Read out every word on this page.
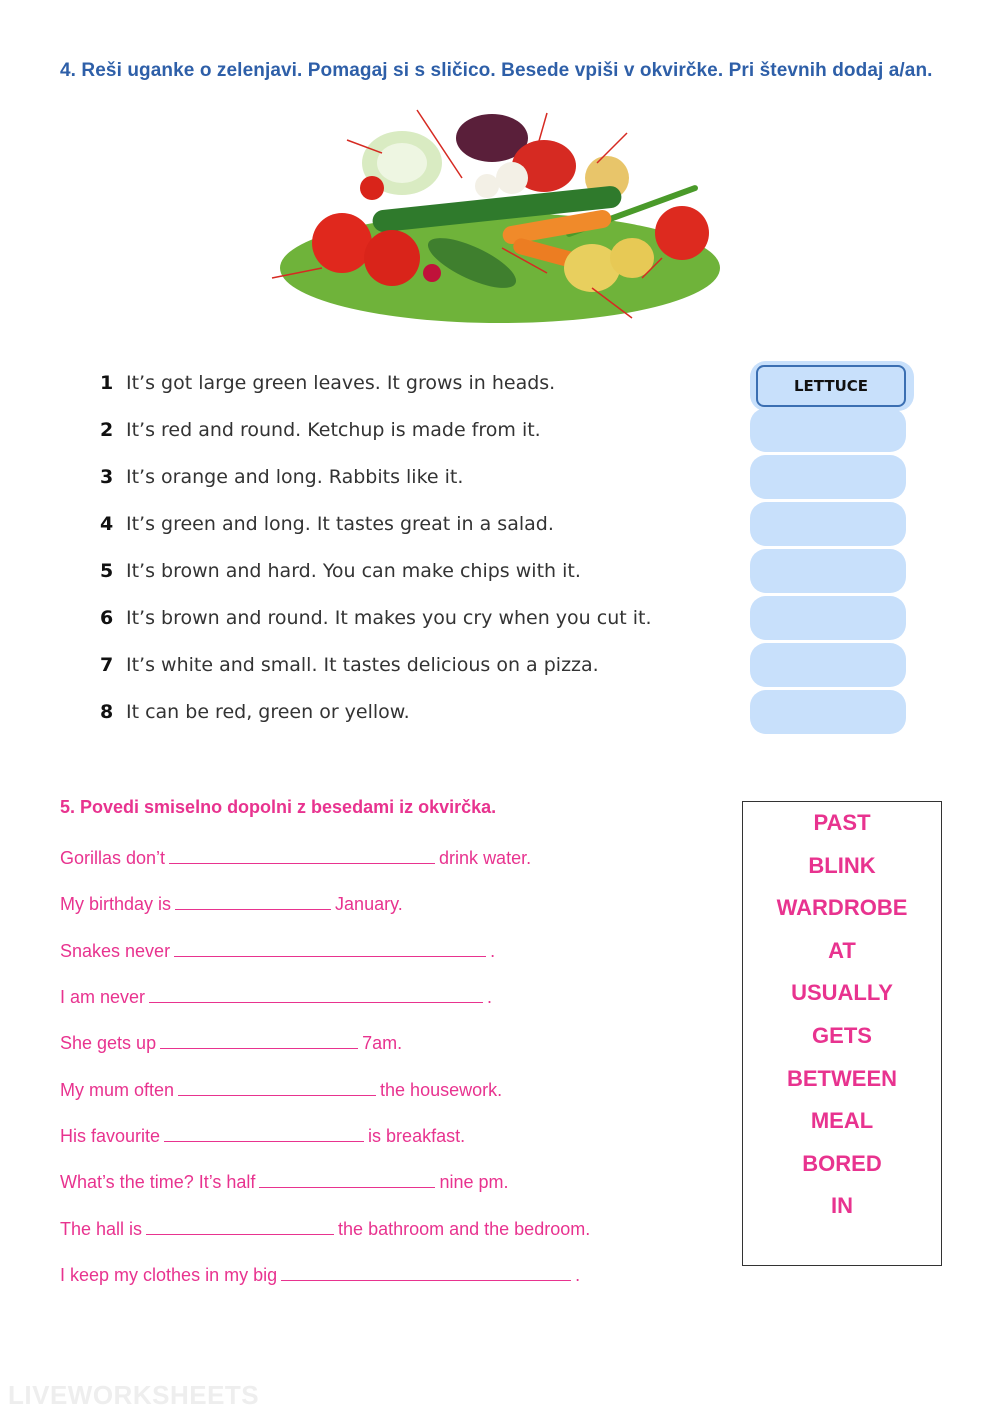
4. Reši uganke o zelenjavi. Pomagaj si s sličico. Besede vpiši v okvirčke. Pri števnih dodaj a/an.
1 It’s got large green leaves. It grows in heads.
2 It’s red and round. Ketchup is made from it.
3 It’s orange and long. Rabbits like it.
4 It’s green and long. It tastes great in a salad.
5 It’s brown and hard. You can make chips with it.
6 It’s brown and round. It makes you cry when you cut it.
7 It’s white and small. It tastes delicious on a pizza.
8 It can be red, green or yellow.
LETTUCE
5. Povedi smiselno dopolni z besedami iz okvirčka.
Gorillas don’t	drink water.
My birthday is	January.
Snakes never	.
I am never	.
She gets up	7am.
My mum often	the housework.
His favourite	is breakfast.
What’s the time? It’s half	nine pm.
The hall is	the bathroom and the bedroom.
I keep my clothes in my big	.
PAST
BLINK
WARDROBE
AT
USUALLY
GETS
BETWEEN
MEAL
BORED
IN
LIVEWORKSHEETS
